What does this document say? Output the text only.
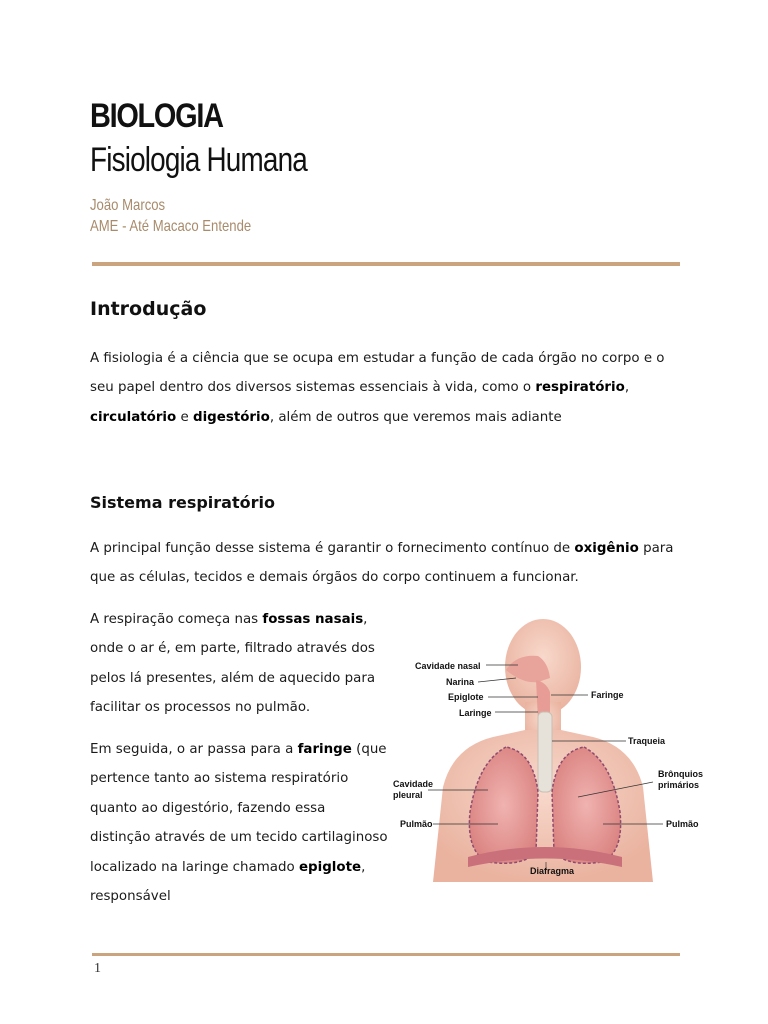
BIOLOGIA
Fisiologia Humana
João Marcos
AME - Até Macaco Entende
Introdução

A fisiologia é a ciência que se ocupa em estudar a função de cada órgão no corpo e o seu papel dentro dos diversos sistemas essenciais à vida, como o respiratório, circulatório e digestório, além de outros que veremos mais adiante

Sistema respiratório

A principal função desse sistema é garantir o fornecimento contínuo de oxigênio para que as células, tecidos e demais órgãos do corpo continuem a funcionar.

A respiração começa nas fossas nasais, onde o ar é, em parte, filtrado através dos pelos lá presentes, além de aquecido para facilitar os processos no pulmão.

Em seguida, o ar passa para a faringe (que pertence tanto ao sistema respiratório quanto ao digestório, fazendo essa distinção através de um tecido cartilaginoso localizado na laringe chamado epiglote, responsável

Cavidade nasal
Narina
Epiglote
Laringe
Faringe
Traqueia
Cavidade
pleural
Brônquios
primários
Pulmão	Pulmão
Diafragma
1
